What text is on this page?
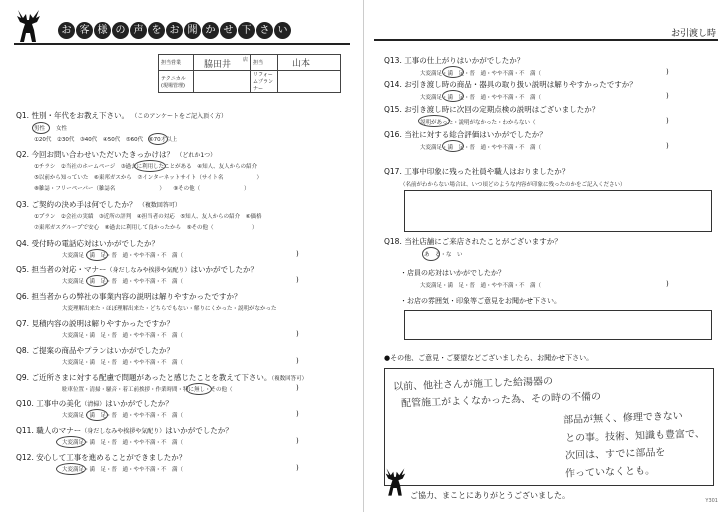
お 客 様 の 声 を お 聞 か せ 下 さ い
担当営業	脇田井 店	担当	山本
テクニカル(現場管理)		リフォームプランナー	
Q1. 性別・年代をお教え下さい。 （このアンケートをご記入頂く方）
男性　　女性
①20代　②30代　③40代　④50代　⑤60代　⑥70才以上
Q2. 今回お問い合わせいただいたきっかけは？ （どれか1つ）
①チラシ　②当社のホームページ　③過去に利用したことがある　④知人、友人からの紹介
⑤以前から知っていた　⑥東邦ガスから　⑦インターネットサイト（サイト名　　　　　　）
⑧雑誌・フリーペーパー（雑誌名　　　　　　　　）　　⑨その他（　　　　　　　　）
Q3. ご契約の決め手は何でしたか？ （複数回答可）
①プラン　②会社の実績　③近所の評判　④担当者の対応　⑤知人、友人からの紹介　⑥価格
⑦東邦ガスグループで安心　⑧過去に利用して良かったから　⑨その他（　　　　　　　）
Q4. 受付時の電話応対はいかがでしたか？
大変満足・満　足・普　通・やや不満・不　満（	)
Q5. 担当者の対応・マナー（身だしなみや挨拶や気配り）はいかがでしたか？
大変満足・満　足・普　通・やや不満・不　満（	)
Q6. 担当者からの弊社の事業内容の説明は解りやすかったですか？
大変理解出来た・ほぼ理解出来た・どちらでもない・解りにくかった・説明がなかった
Q7. 見積内容の説明は解りやすかったですか？
大変満足・満　足・普　通・やや不満・不　満（	)
Q8. ご提案の商品やプランはいかがでしたか？
大変満足・満　足・普　通・やや不満・不　満（	)
Q9. ご近所さまに対する配慮で問題があったと感じたことを教えて下さい。（複数回答可）
駐車位置・清掃・騒音・着工前挨拶・作業時間・特に無し・その他（	)
Q10. 工事中の美化（清掃）はいかがでしたか？
大変満足・満　足・普　通・やや不満・不　満（	)
Q11. 職人のマナー（身だしなみや挨拶や気配り）はいかがでしたか？
大変満足・満　足・普　通・やや不満・不　満（	)
Q12. 安心して工事を進めることができましたか？
大変満足・満　足・普　通・やや不満・不　満（	)
お引渡し時
Q13. 工事の仕上がりはいかがでしたか？
大変満足・満　足・普　通・やや不満・不　満（	)
Q14. お引き渡し時の商品・器具の取り扱い説明は解りやすかったですか？
大変満足・満　足・普　通・やや不満・不　満（	)
Q15. お引き渡し時に次回の定期点検の説明はございましたか？
説明があった・説明がなかった・わからない（	)
Q16. 当社に対する総合評価はいかがでしたか？
大変満足・満　足・普　通・やや不満・不　満（	)
Q17. 工事中印象に残った社員や職人はおりましたか？
（名前がわからない場合は、いつ頃どのような内容が印象に残ったのかをご記入ください）
Q18. 当社店舗にご来店されたことがございますか？
あ　る・な　い
・店員の応対はいかがでしたか？
大変満足・満　足・普　通・やや不満・不　満（	)
・お店の雰囲気・印象等ご意見をお聞かせ下さい。
●その他、ご意見・ご要望などございましたら、お聞かせ下さい。
以前、他社さんが施工した給湯器の
配管施工がよくなかった為、その時の不備の
部品が無く、修理できない
との事。技術、知識も豊富で、
次回は、すでに部品を
作っていなくとも。
ご協力、まことにありがとうございました。
Y301
